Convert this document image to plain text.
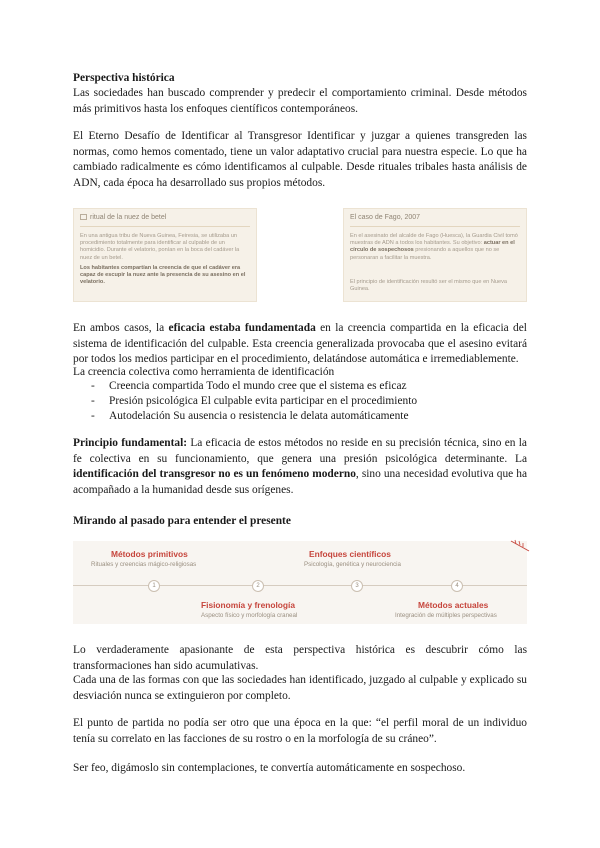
Perspectiva histórica
Las sociedades han buscado comprender y predecir el comportamiento criminal. Desde métodos más primitivos hasta los enfoques científicos contemporáneos.
El Eterno Desafío de Identificar al Transgresor Identificar y juzgar a quienes transgreden las normas, como hemos comentado, tiene un valor adaptativo crucial para nuestra especie. Lo que ha cambiado radicalmente es cómo identificamos al culpable. Desde rituales tribales hasta análisis de ADN, cada época ha desarrollado sus propios métodos.
ritual de la nuez de betel
En una antigua tribu de Nueva Guinea, Feiresia, se utilizaba un procedimiento totalmente para identificar al culpable de un homicidio. Durante el velatorio, ponían en la boca del cadáver la nuez de un betel.
Los habitantes compartían la creencia de que el cadáver era capaz de escupir la nuez ante la presencia de su asesino en el velatorio.
El caso de Fago, 2007
En el asesinato del alcalde de Fago (Huesca), la Guardia Civil tomó muestras de ADN a todos los habitantes. Su objetivo: actuar en el círculo de sospechosos presionando a aquellos que no se personaran a facilitar la muestra.
El principio de identificación resultó ser el mismo que en Nueva Guinea.
En ambos casos, la eficacia estaba fundamentada en la creencia compartida en la eficacia del sistema de identificación del culpable. Esta creencia generalizada provocaba que el asesino evitará por todos los medios participar en el procedimiento, delatándose automática e irremediablemente.
La creencia colectiva como herramienta de identificación
- Creencia compartida Todo el mundo cree que el sistema es eficaz
- Presión psicológica El culpable evita participar en el procedimiento
- Autodelación Su ausencia o resistencia le delata automáticamente
Principio fundamental: La eficacia de estos métodos no reside en su precisión técnica, sino en la fe colectiva en su funcionamiento, que genera una presión psicológica determinante. La identificación del transgresor no es un fenómeno moderno, sino una necesidad evolutiva que ha acompañado a la humanidad desde sus orígenes.
Mirando al pasado para entender el presente
Métodos primitivos
Rituales y creencias mágico-religiosas
Enfoques científicos
Psicología, genética y neurociencia
1	2	3	4
Fisionomía y frenología
Aspecto físico y morfología craneal
Métodos actuales
Integración de múltiples perspectivas
Lo verdaderamente apasionante de esta perspectiva histórica es descubrir cómo las transformaciones han sido acumulativas.
Cada una de las formas con que las sociedades han identificado, juzgado al culpable y explicado su desviación nunca se extinguieron por completo.
El punto de partida no podía ser otro que una época en la que: “el perfil moral de un individuo tenía su correlato en las facciones de su rostro o en la morfología de su cráneo”.
Ser feo, digámoslo sin contemplaciones, te convertía automáticamente en sospechoso.
